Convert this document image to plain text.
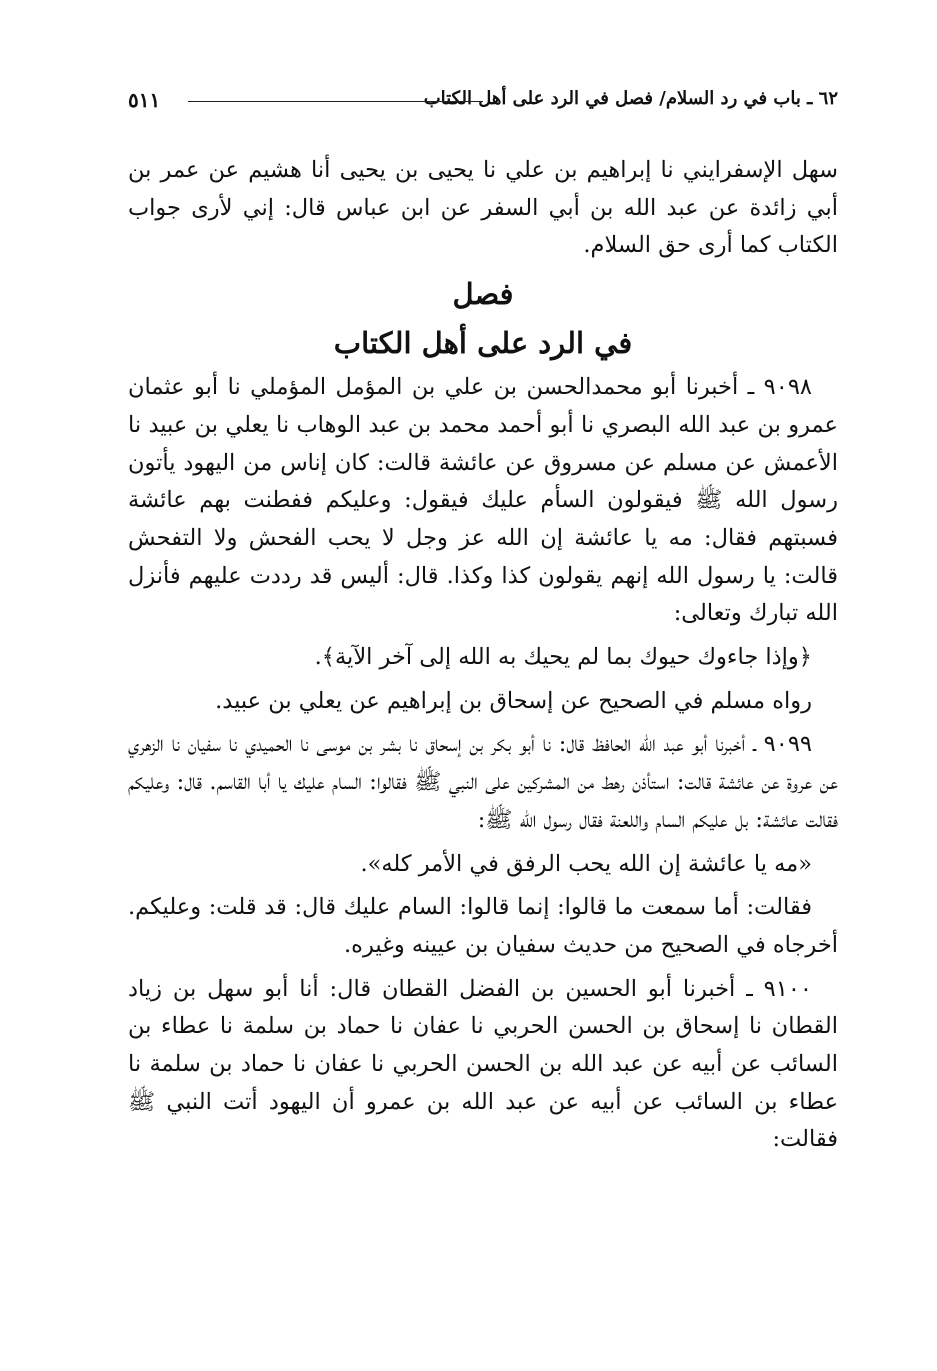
٦٢ ـ باب في رد السلام/ فصل في الرد على أهل الكتاب
٥١١

سهل الإسفرايني نا إبراهيم بن علي نا يحيى بن يحيى أنا هشيم عن عمر بن أبي زائدة عن عبد الله بن أبي السفر عن ابن عباس قال: إني لأرى جواب الكتاب كما أرى حق السلام.

فصل

في الرد على أهل الكتاب

٩٠٩٨ ـ أخبرنا أبو محمدالحسن بن علي بن المؤمل المؤملي نا أبو عثمان عمرو بن عبد الله البصري نا أبو أحمد محمد بن عبد الوهاب نا يعلي بن عبيد نا الأعمش عن مسلم عن مسروق عن عائشة قالت: كان إناس من اليهود يأتون رسول الله ﷺ فيقولون السأم عليك فيقول: وعليكم ففطنت بهم عائشة فسبتهم فقال: مه يا عائشة إن الله عز وجل لا يحب الفحش ولا التفحش قالت: يا رسول الله إنهم يقولون كذا وكذا. قال: أليس قد رددت عليهم فأنزل الله تبارك وتعالى:

﴿وإذا جاءوك حيوك بما لم يحيك به الله إلى آخر الآية﴾.

رواه مسلم في الصحيح عن إسحاق بن إبراهيم عن يعلي بن عبيد.

٩٠٩٩ ـ أخبرنا أبو عبد الله الحافظ قال: نا أبو بكر بن إسحاق نا بشر بن موسى نا الحميدي نا سفيان نا الزهري عن عروة عن عائشة قالت: استأذن رهط من المشركين على النبي ﷺ فقالوا: السام عليك يا أبا القاسم. قال: وعليكم فقالت عائشة: بل عليكم السام واللعنة فقال رسول الله ﷺ:

«مه يا عائشة إن الله يحب الرفق في الأمر كله».

فقالت: أما سمعت ما قالوا: إنما قالوا: السام عليك قال: قد قلت: وعليكم. أخرجاه في الصحيح من حديث سفيان بن عيينه وغيره.

٩١٠٠ ـ أخبرنا أبو الحسين بن الفضل القطان قال: أنا أبو سهل بن زياد القطان نا إسحاق بن الحسن الحربي نا عفان نا حماد بن سلمة نا عطاء بن السائب عن أبيه عن عبد الله بن الحسن الحربي نا عفان نا حماد بن سلمة نا عطاء بن السائب عن أبيه عن عبد الله بن عمرو أن اليهود أتت النبي ﷺ فقالت:
